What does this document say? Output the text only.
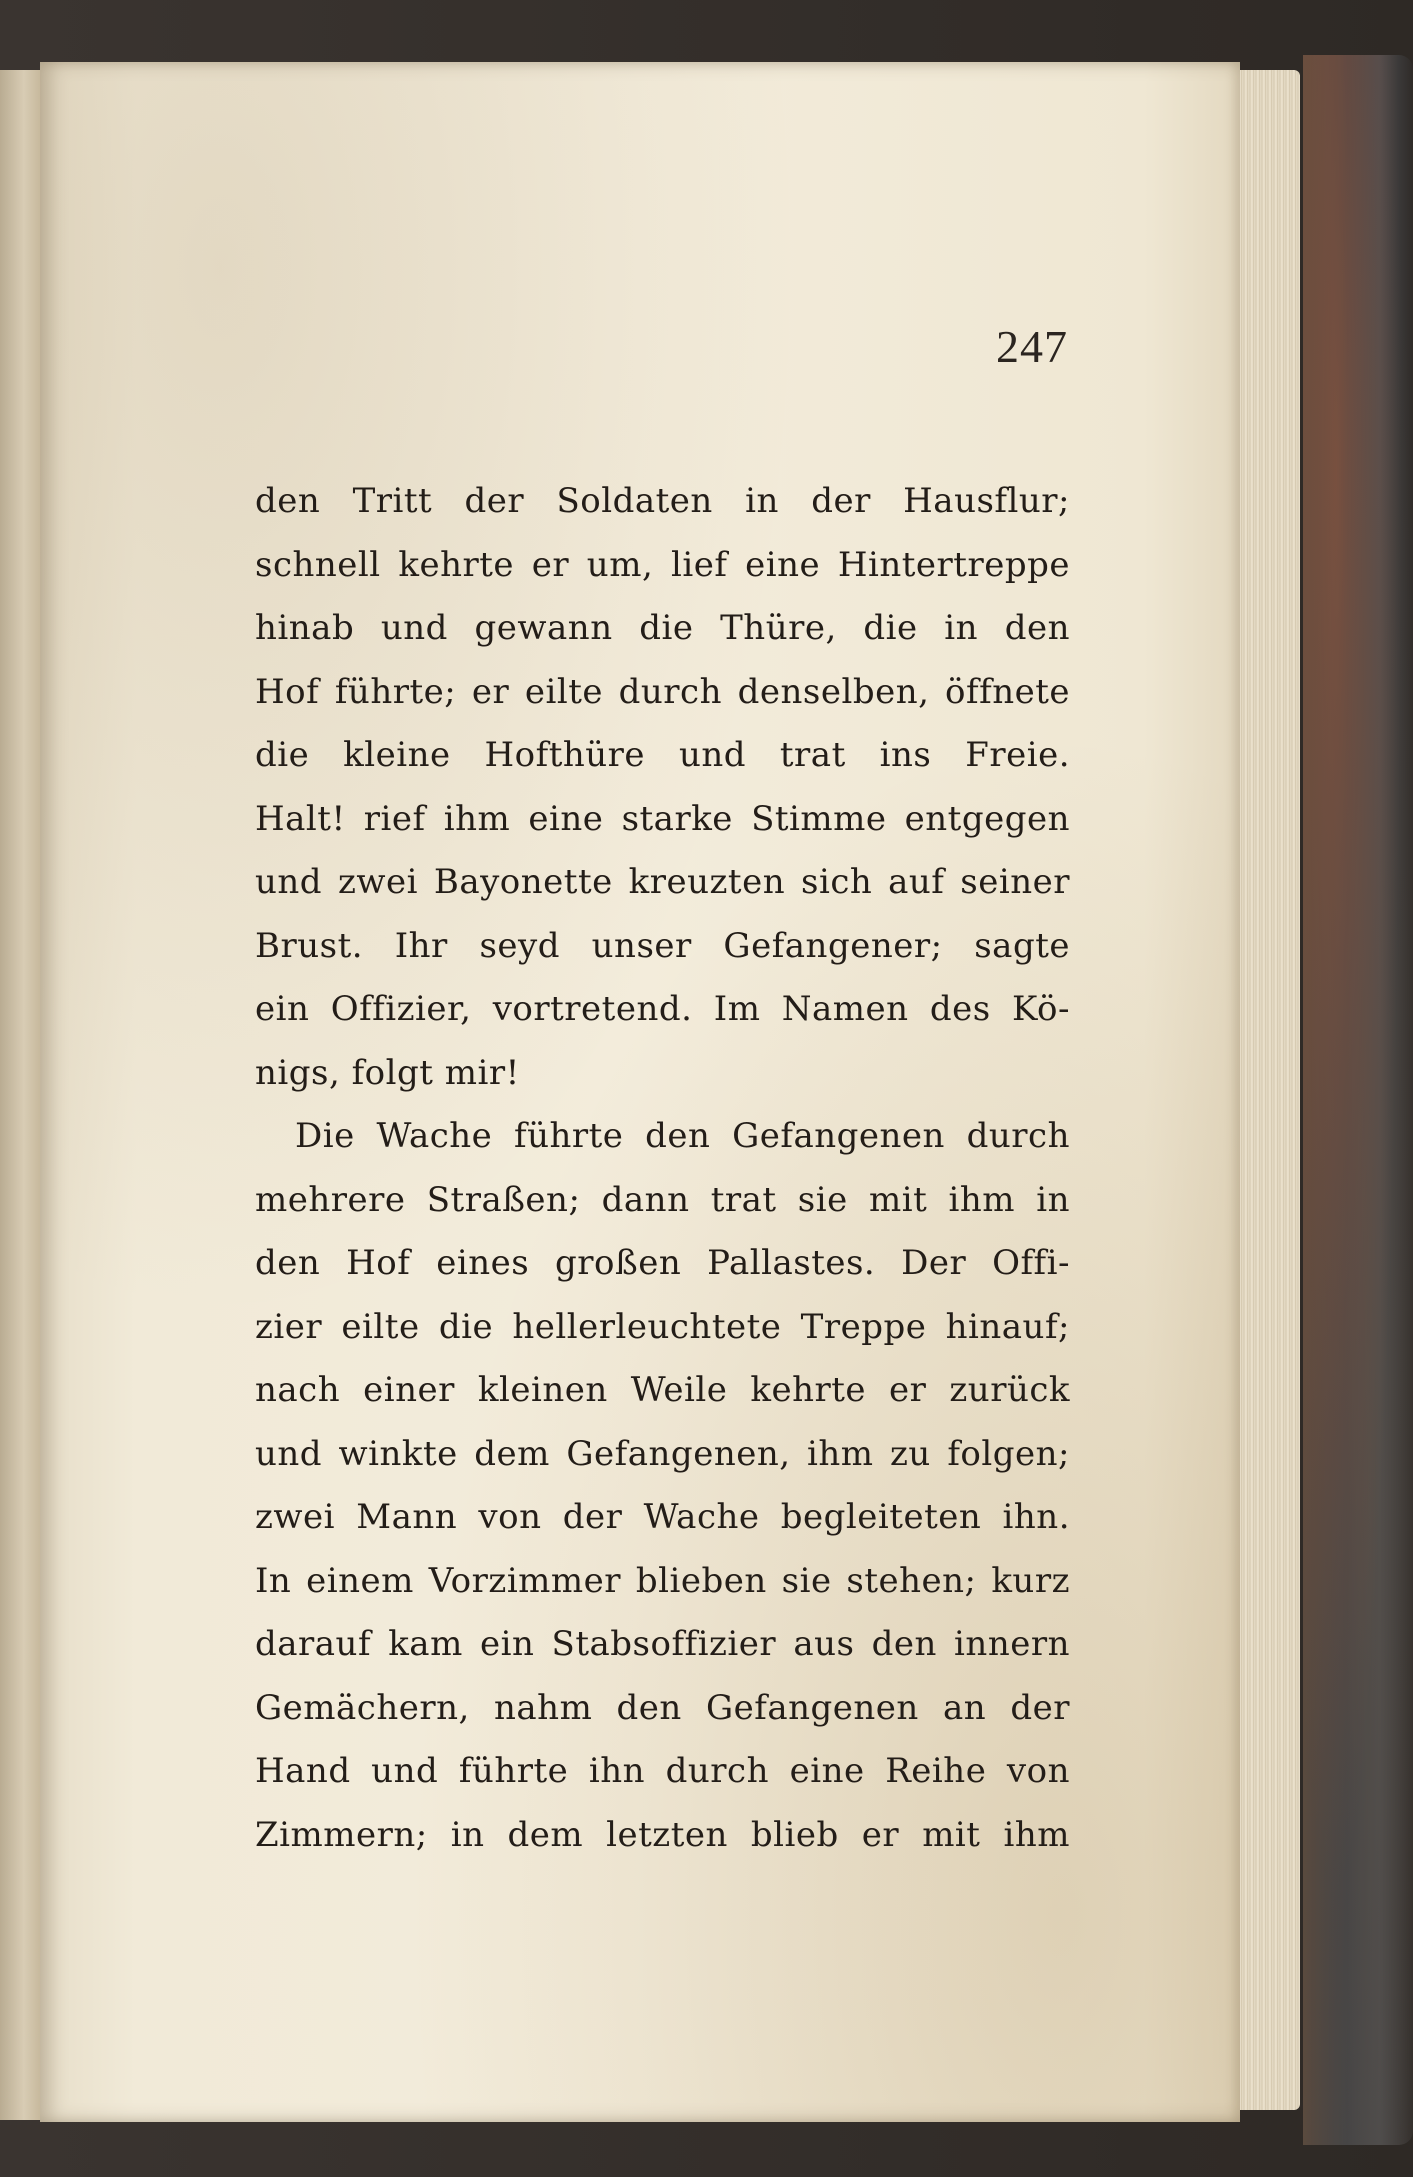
247
den Tritt der Soldaten in der Hausflur;
schnell kehrte er um, lief eine Hintertreppe
hinab und gewann die Thüre, die in den
Hof führte; er eilte durch denselben, öffnete
die kleine Hofthüre und trat ins Freie.
Halt! rief ihm eine starke Stimme entgegen
und zwei Bayonette kreuzten sich auf seiner
Brust. Ihr seyd unser Gefangener; sagte
ein Offizier, vortretend. Im Namen des Kö-
nigs, folgt mir!
Die Wache führte den Gefangenen durch
mehrere Straßen; dann trat sie mit ihm in
den Hof eines großen Pallastes. Der Offi-
zier eilte die hellerleuchtete Treppe hinauf;
nach einer kleinen Weile kehrte er zurück
und winkte dem Gefangenen, ihm zu folgen;
zwei Mann von der Wache begleiteten ihn.
In einem Vorzimmer blieben sie stehen; kurz
darauf kam ein Stabsoffizier aus den innern
Gemächern, nahm den Gefangenen an der
Hand und führte ihn durch eine Reihe von
Zimmern; in dem letzten blieb er mit ihm
